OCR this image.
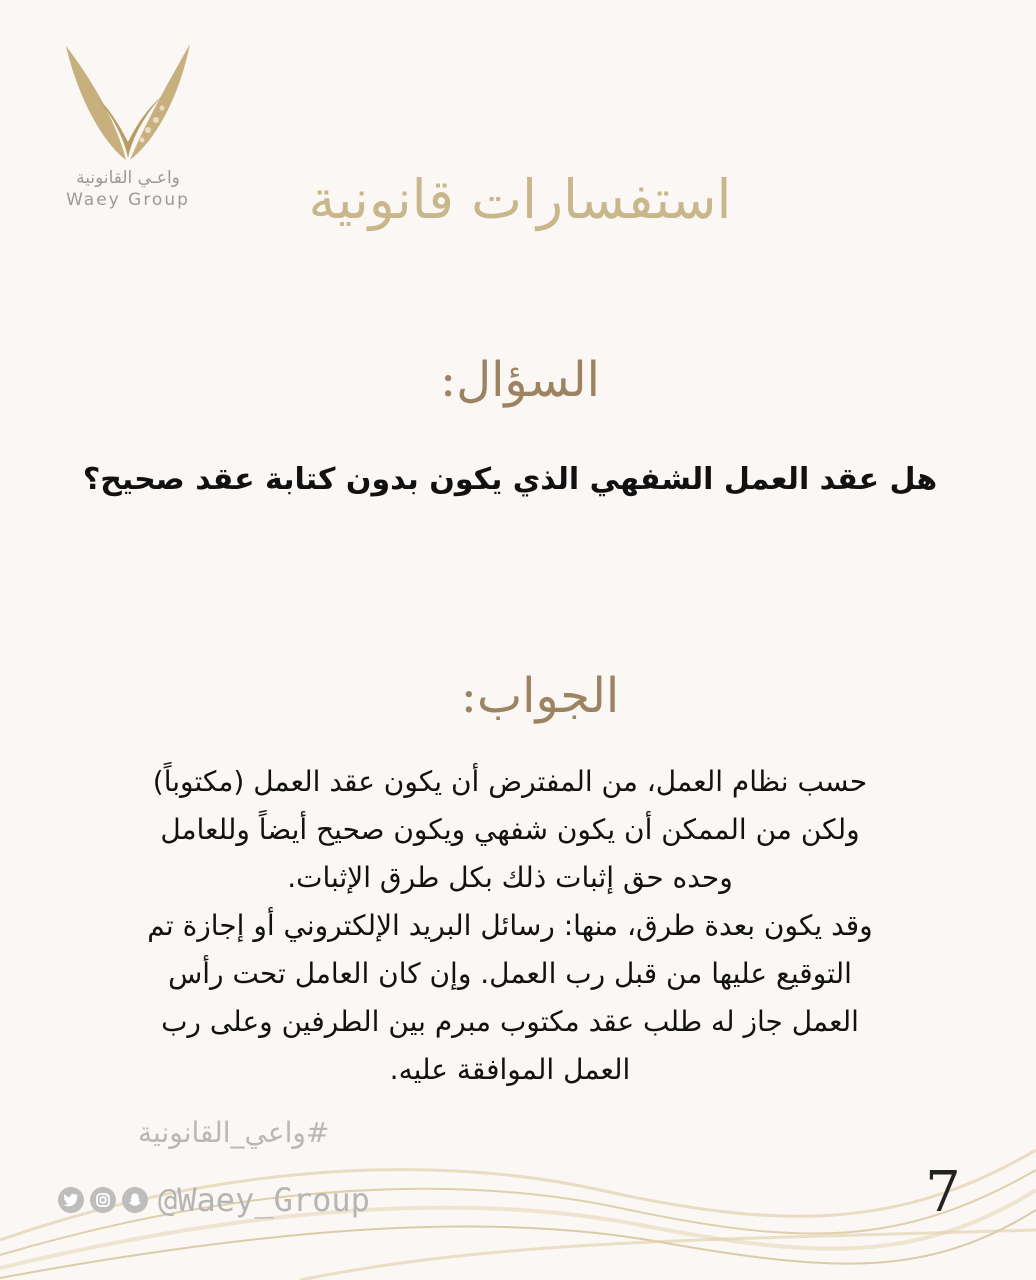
واعـي القانونية
Waey Group استفسارات قانونية
السؤال:
هل عقد العمل الشفهي الذي يكون بدون كتابة عقد صحيح؟
الجواب:
حسب نظام العمل، من المفترض أن يكون عقد العمل (مكتوباً)
ولكن من الممكن أن يكون شفهي ويكون صحيح أيضاً وللعامل
وحده حق إثبات ذلك بكل طرق الإثبات.
وقد يكون بعدة طرق، منها: رسائل البريد الإلكتروني أو إجازة تم
التوقيع عليها من قبل رب العمل. وإن كان العامل تحت رأس
العمل جاز له طلب عقد مكتوب مبرم بين الطرفين وعلى رب
العمل الموافقة عليه.
#واعي_القانونية
@Waey_Group	7
